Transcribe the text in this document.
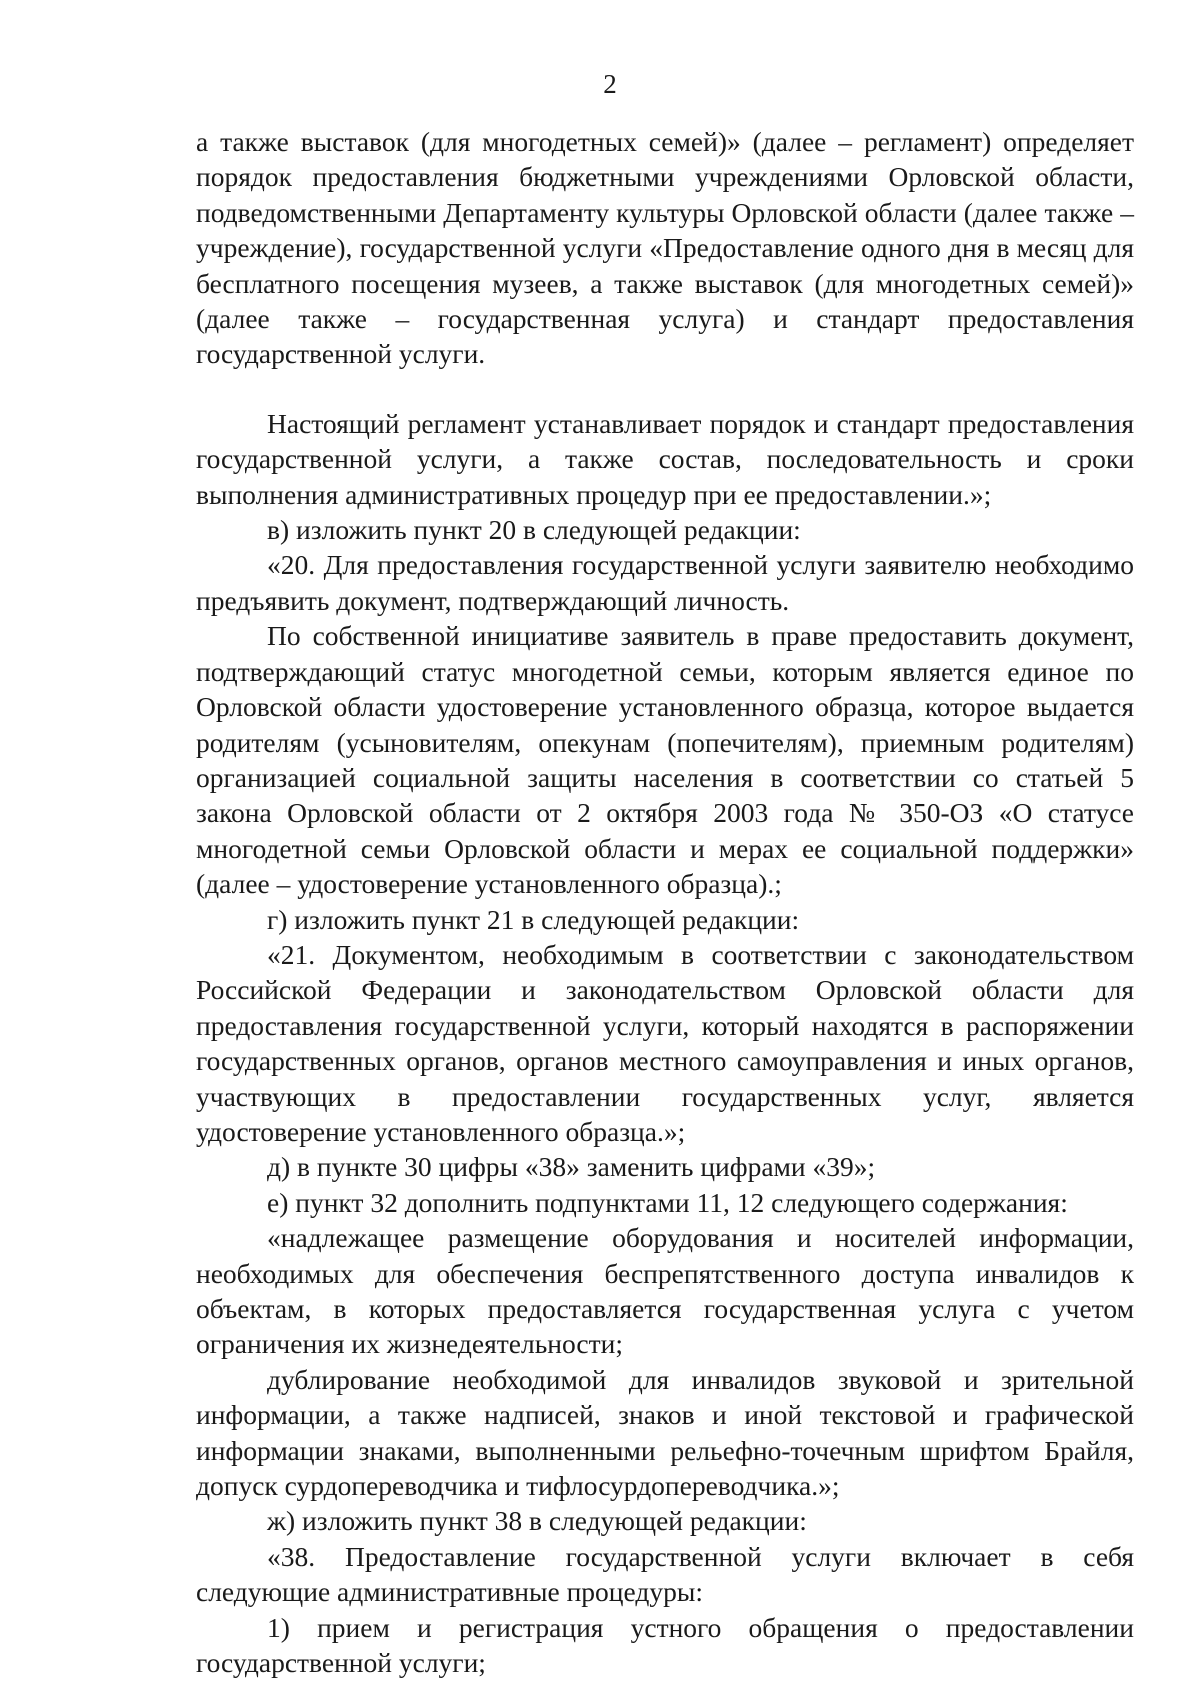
2

а также выставок (для многодетных семей)» (далее – регламент) определяет порядок предоставления бюджетными учреждениями Орловской области, подведомственными Департаменту культуры Орловской области (далее также – учреждение), государственной услуги «Предоставление одного дня в месяц для бесплатного посещения музеев, а также выставок (для многодетных семей)» (далее также – государственная услуга) и стандарт предоставления государственной услуги.

Настоящий регламент устанавливает порядок и стандарт предоставления государственной услуги, а также состав, последовательность и сроки выполнения административных процедур при ее предоставлении.»;

в) изложить пункт 20 в следующей редакции:

«20. Для предоставления государственной услуги заявителю необходимо предъявить документ, подтверждающий личность.

По собственной инициативе заявитель в праве предоставить документ, подтверждающий статус многодетной семьи, которым является единое по Орловской области удостоверение установленного образца, которое выдается родителям (усыновителям, опекунам (попечителям), приемным родителям) организацией социальной защиты населения в соответствии со статьей 5 закона Орловской области от 2 октября 2003 года № 350-ОЗ «О статусе многодетной семьи Орловской области и мерах ее социальной поддержки» (далее – удостоверение установленного образца).;

г) изложить пункт 21 в следующей редакции:

«21. Документом, необходимым в соответствии с законодательством Российской Федерации и законодательством Орловской области для предоставления государственной услуги, который находятся в распоряжении государственных органов, органов местного самоуправления и иных органов, участвующих в предоставлении государственных услуг, является удостоверение установленного образца.»;

д) в пункте 30 цифры «38» заменить цифрами «39»;

е) пункт 32 дополнить подпунктами 11, 12 следующего содержания:

«надлежащее размещение оборудования и носителей информации, необходимых для обеспечения беспрепятственного доступа инвалидов к объектам, в которых предоставляется государственная услуга с учетом ограничения их жизнедеятельности;

дублирование необходимой для инвалидов звуковой и зрительной информации, а также надписей, знаков и иной текстовой и графической информации знаками, выполненными рельефно-точечным шрифтом Брайля, допуск сурдопереводчика и тифлосурдопереводчика.»;

ж) изложить пункт 38 в следующей редакции:

«38. Предоставление государственной услуги включает в себя следующие административные процедуры:

1) прием и регистрация устного обращения о предоставлении государственной услуги;
